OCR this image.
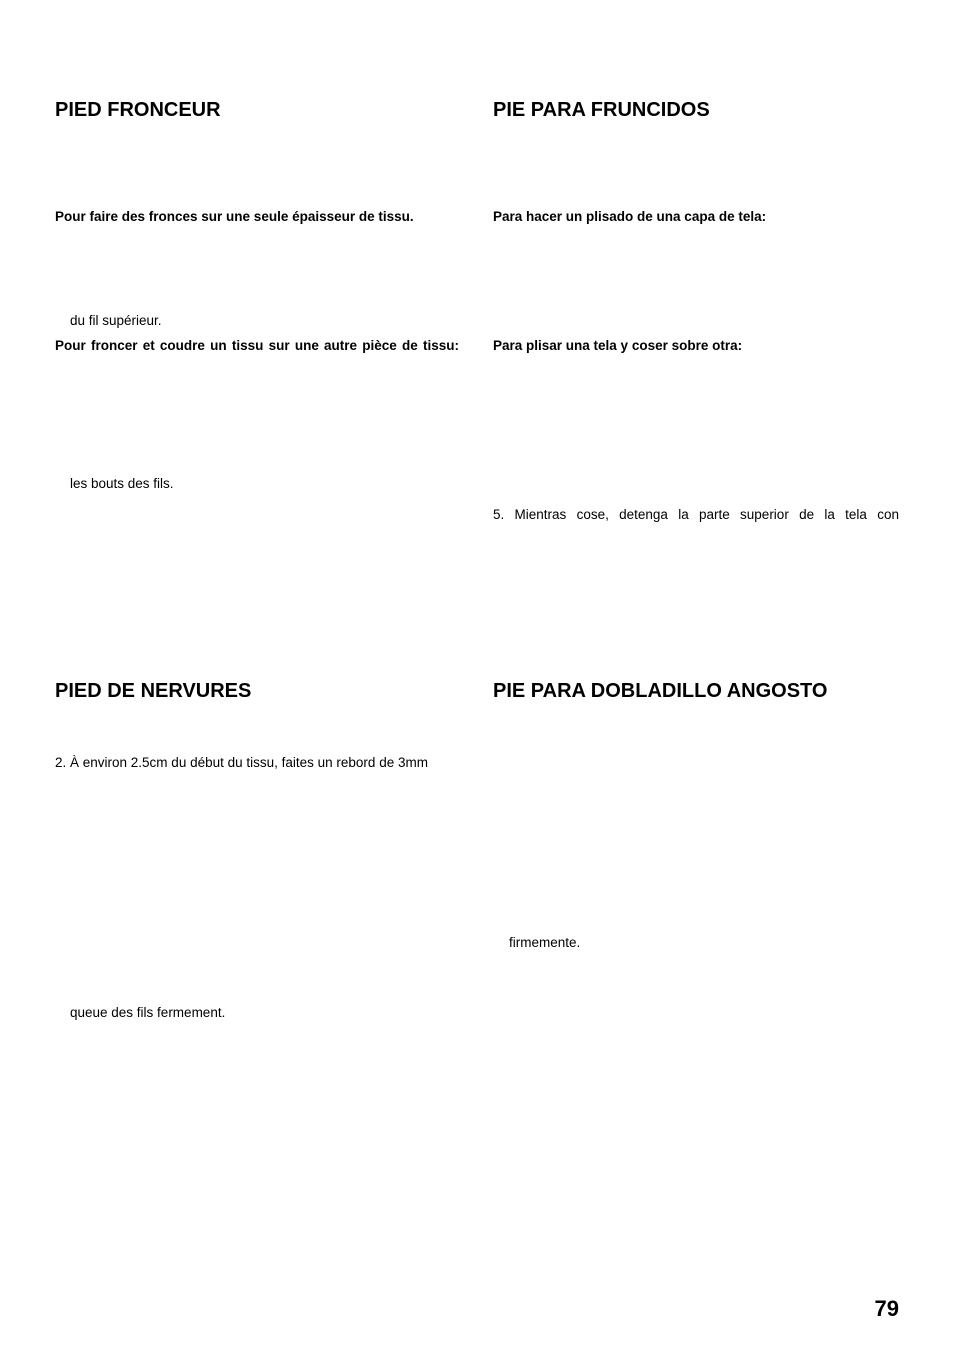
PIED FRONCEUR

Pour faire des fronces sur une seule épaisseur de tissu.

du fil supérieur.

Pour froncer et coudre un tissu sur une autre pièce de tissu:

les bouts des fils.

PIED DE NERVURES

2. À environ 2.5cm du début du tissu, faites un rebord de 3mm

queue des fils fermement.

PIE PARA FRUNCIDOS

Para hacer un plisado de una capa de tela:

Para plisar una tela y coser sobre otra:

5. Mientras cose, detenga la parte superior de la tela con

PIE PARA DOBLADILLO ANGOSTO

firmemente.

79
